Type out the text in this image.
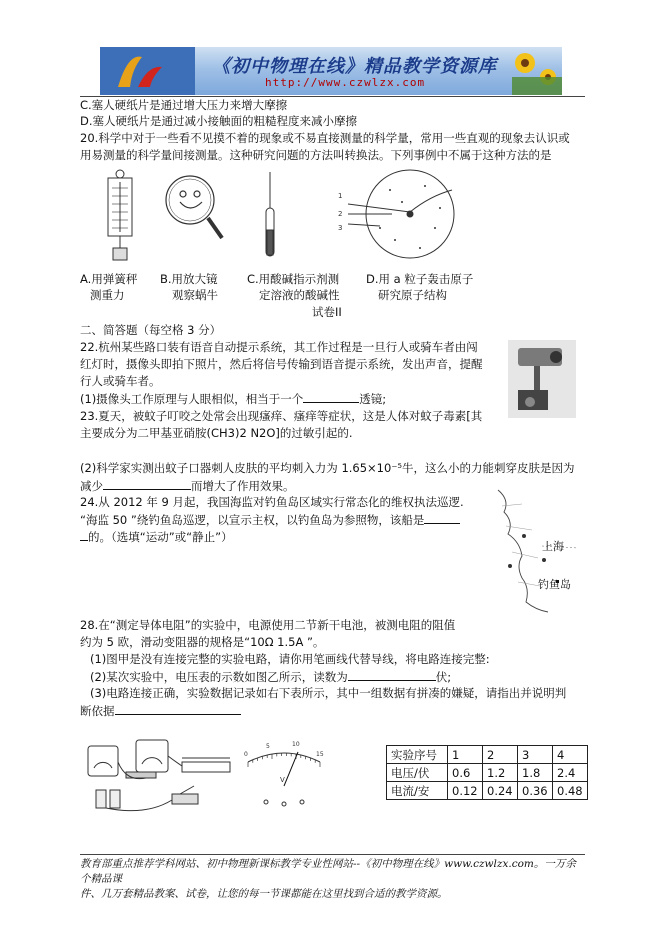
《初中物理在线》精品教学资源库
http://www.czwlzx.com
C.塞人硬纸片是通过增大压力来增大摩擦
D.塞人硬纸片是通过减小接触面的粗糙程度来减小摩擦
20.科学中对于一些看不见摸不着的现象或不易直接测量的科学量，常用一些直观的现象去认识或
用易测量的科学量间接测量。这种研究问题的方法叫转换法。下列事例中不属于这种方法的是
1
2
3
A.用弹簧秤
测重力
B.用放大镜
观察蜗牛
C.用酸碱指示剂测
定溶液的酸碱性
D.用 a 粒子轰击原子
研究原子结构
试卷II
二、简答题（每空格 3 分）
22.杭州某些路口装有语音自动提示系统，其工作过程是一旦行人或骑车者由闯
红灯时，摄像头即拍下照片，然后将信号传输到语音提示系统，发出声音，提醒
行人或骑车者。
(1)摄像头工作原理与人眼相似，相当于一个	透镜;
23.夏天，被蚊子叮咬之处常会出现瘙痒、瘙痒等症状，这是人体对蚊子毒素[其
主要成分为二甲基亚硝胺(CH3)2 N2O]的过敏引起的.
(2)科学家实测出蚊子口器刺人皮肤的平均刺入力为 1.65×10⁻⁵牛，这么小的力能刺穿皮肤是因为
减少	而增大了作用效果。
24.从 2012 年 9 月起，我国海监对钓鱼岛区域实行常态化的维权执法巡逻.
“海监 50 ”绕钓鱼岛巡逻，以宣示主权，以钓鱼岛为参照物，该船是
的。（选填“运动”或“静止”）
上海
钓鱼岛
28.在“测定导体电阻”的实验中，电源使用二节新干电池，被测电阻的阻值
约为 5 欧，滑动变阻器的规格是“10Ω 1.5A ”。
(1)图甲是没有连接完整的实验电路，请你用笔画线代替导线，将电路连接完整:
(2)某次实验中，电压表的示数如图乙所示，读数为	伏;
(3)电路连接正确，实验数据记录如右下表所示，其中一组数据有拼凑的嫌疑，请指出并说明判
断依据
0
5	10
15
V
实验序号	1	2	3	4
电压/伏	0.6	1.2	1.8	2.4
电流/安	0.12	0.24	0.36	0.48
教育部重点推荐学科网站、初中物理新课标教学专业性网站--《初中物理在线》www.czwlzx.com。一万余个精品课
件、几万套精品教案、试卷，让您的每一节课都能在这里找到合适的教学资源。
